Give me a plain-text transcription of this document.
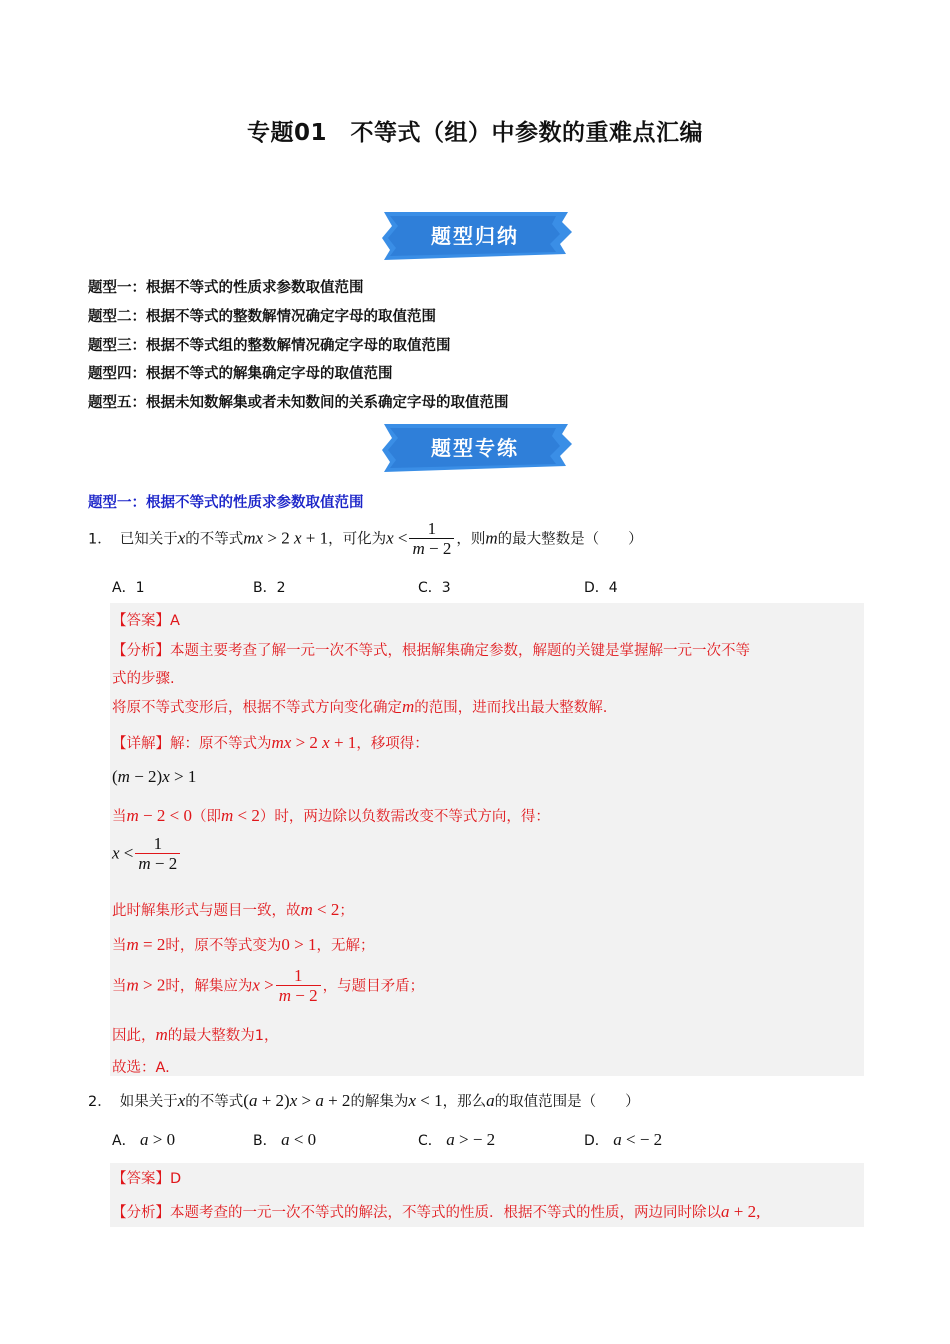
专题01　不等式（组）中参数的重难点汇编
题型归纳
题型一：根据不等式的性质求参数取值范围
题型二：根据不等式的整数解情况确定字母的取值范围
题型三：根据不等式组的整数解情况确定字母的取值范围
题型四：根据不等式的解集确定字母的取值范围
题型五：根据未知数解集或者未知数间的关系确定字母的取值范围
题型专练
题型一：根据不等式的性质求参数取值范围
1． 已知关于x的不等式mx > 2 x + 1，可化为$x < \frac{1}{m - 2}$ ，则m的最大整数是（　　）
A．1	B．2	C．3	D．4
【答案】A
【分析】本题主要考查了解一元一次不等式，根据解集确定参数，解题的关键是掌握解一元一次不等
式的步骤.
将原不等式变形后，根据不等式方向变化确定m的范围，进而找出最大整数解.
【详解】解：原不等式为mx > 2 x + 1，移项得：
(m − 2)x > 1
当m − 2 < 0（即m < 2）时，两边除以负数需改变不等式方向，得：
$x < \frac{1}{m - 2}$
此时解集形式与题目一致，故m < 2；
当m = 2时，原不等式变为0 > 1，无解；
当m > 2时，解集应为$x > \frac{1}{m - 2}$ ，与题目矛盾；
因此，m的最大整数为1，
故选：A.
2． 如果关于x的不等式(a + 2)x > a + 2的解集为x < 1，那么a的取值范围是（　　）
A． a > 0	B． a < 0	C． a > − 2	D． a < − 2
【答案】D
【分析】本题考查的一元一次不等式的解法，不等式的性质．根据不等式的性质，两边同时除以a + 2,
